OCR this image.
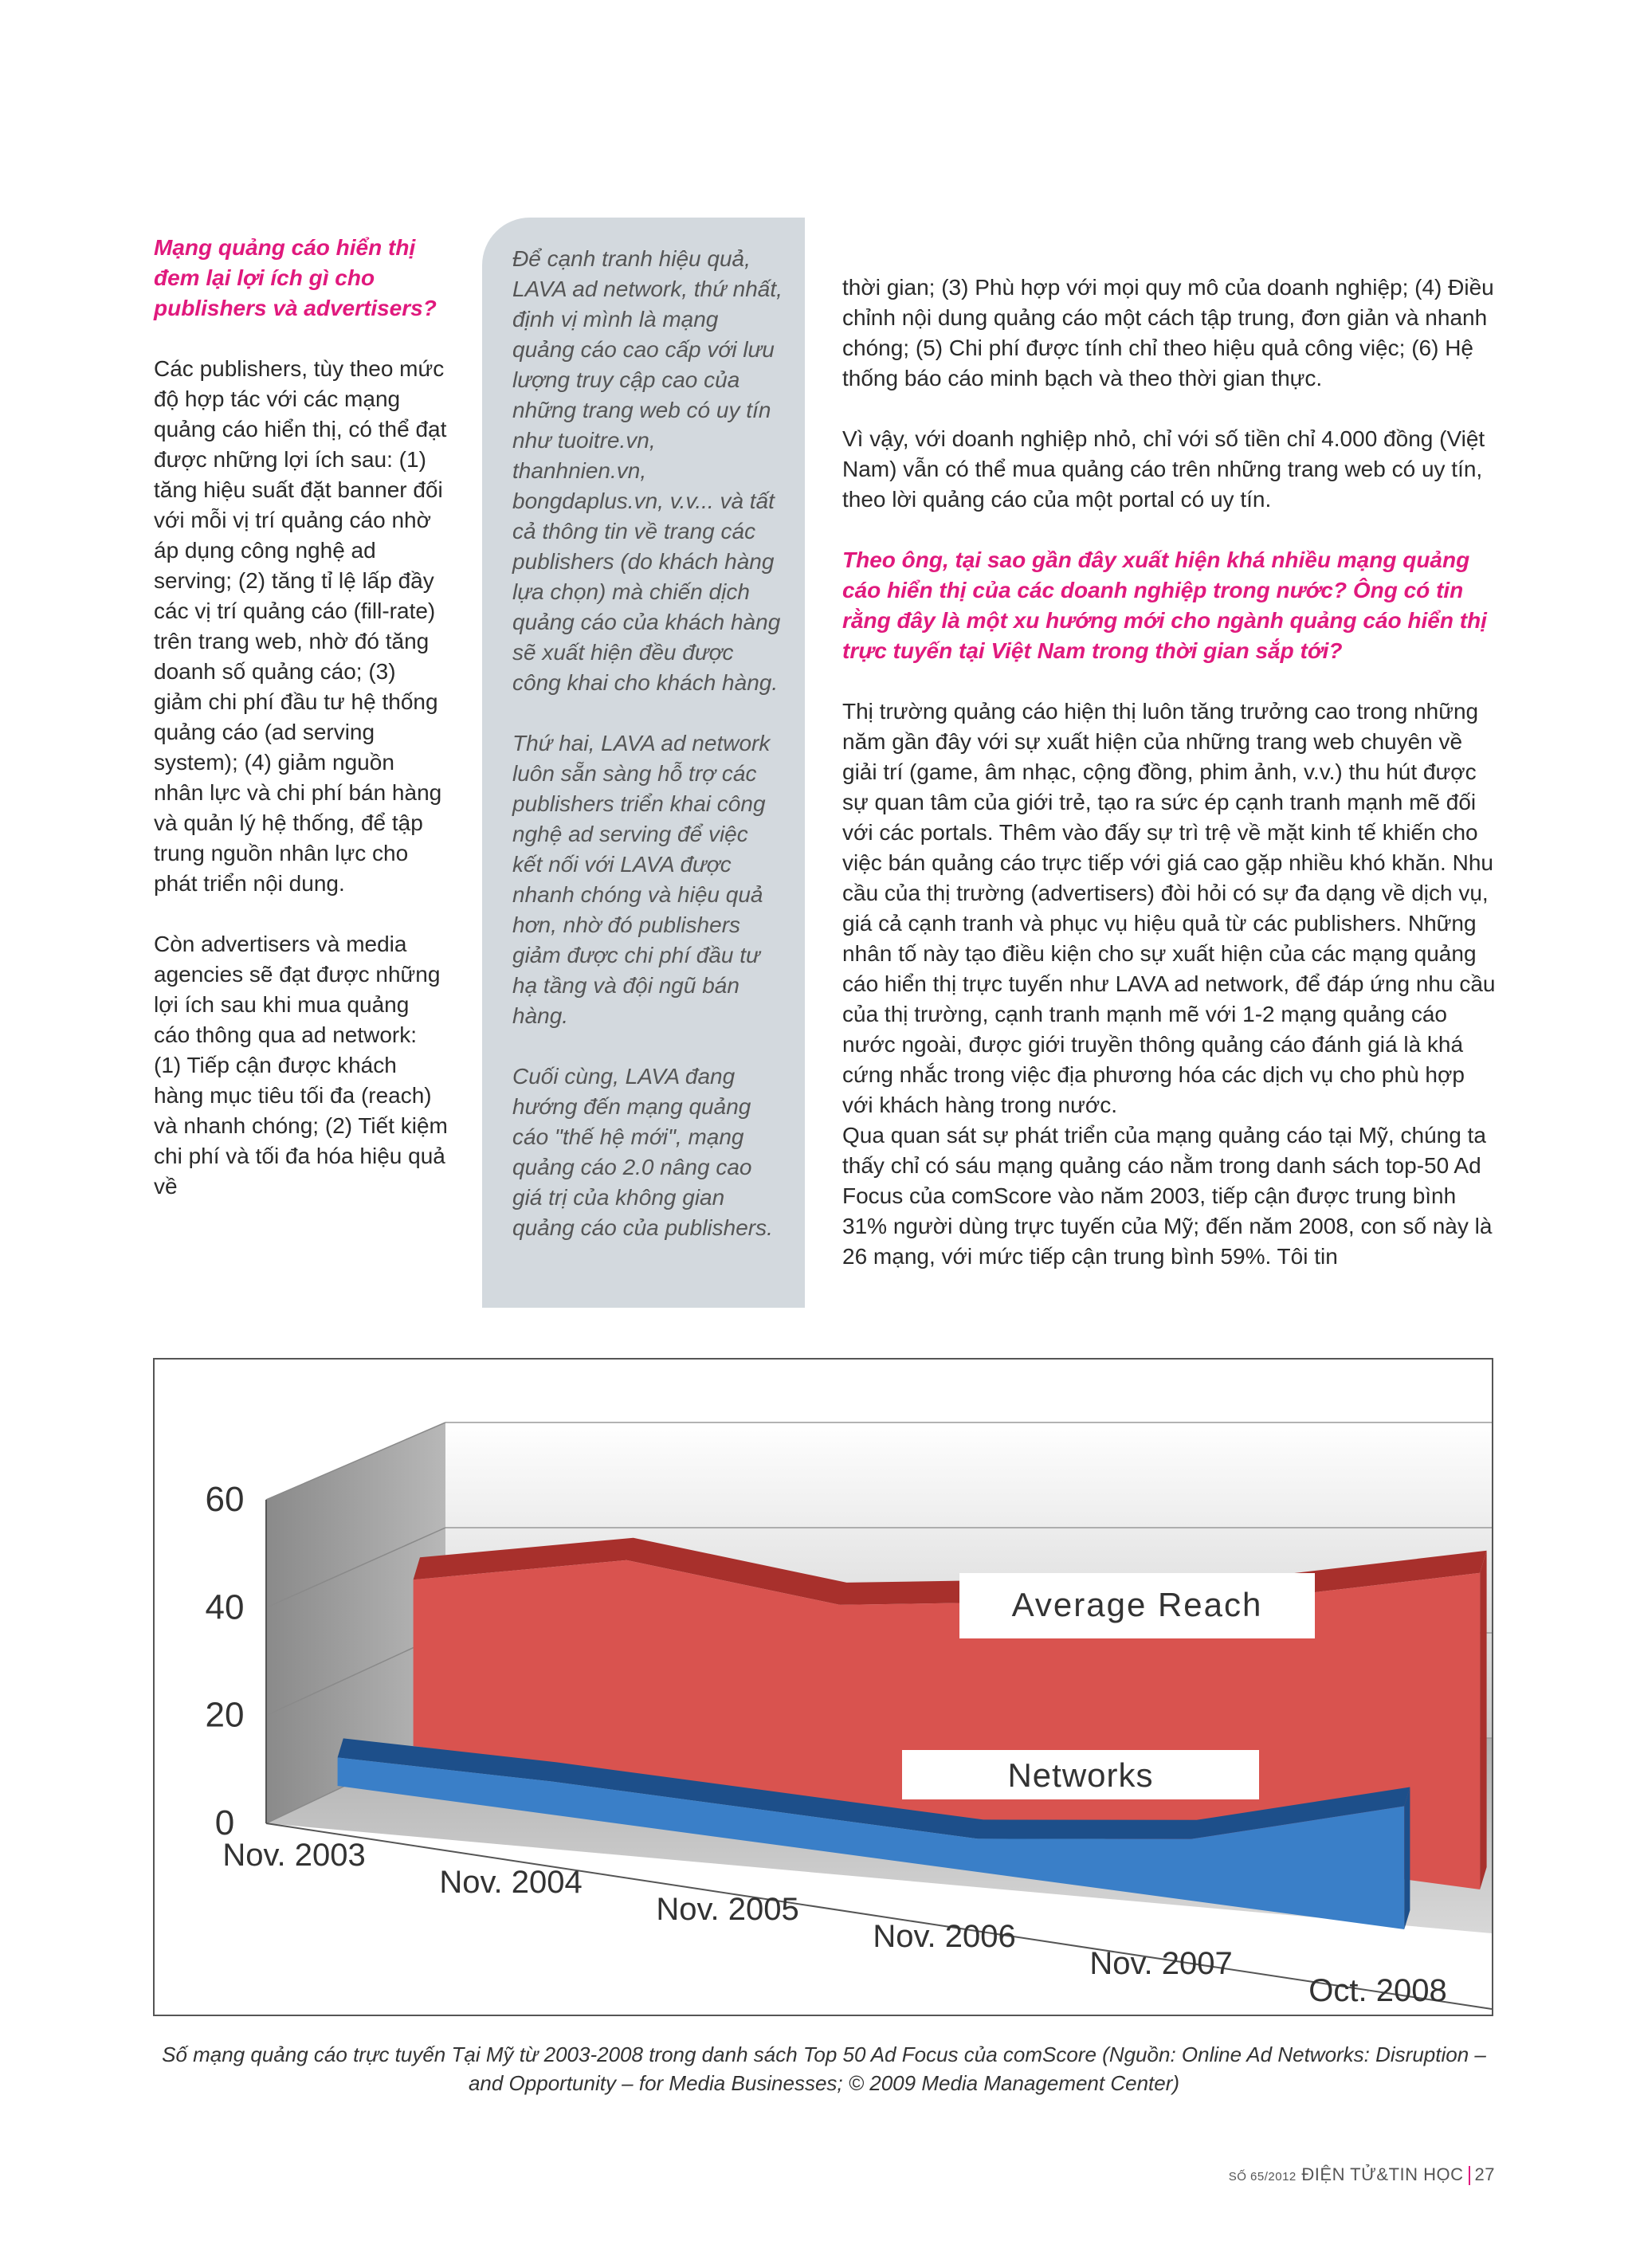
Mạng quảng cáo hiển thị đem lại lợi ích gì cho publishers và advertisers?

Các publishers, tùy theo mức độ hợp tác với các mạng quảng cáo hiển thị, có thể đạt được những lợi ích sau: (1) tăng hiệu suất đặt banner đối với mỗi vị trí quảng cáo nhờ áp dụng công nghệ ad serving; (2) tăng tỉ lệ lấp đầy các vị trí quảng cáo (fill-rate) trên trang web, nhờ đó tăng doanh số quảng cáo; (3) giảm chi phí đầu tư hệ thống quảng cáo (ad serving system); (4) giảm nguồn nhân lực và chi phí bán hàng và quản lý hệ thống, để tập trung nguồn nhân lực cho phát triển nội dung.

Còn advertisers và media agencies sẽ đạt được những lợi ích sau khi mua quảng cáo thông qua ad network: (1) Tiếp cận được khách hàng mục tiêu tối đa (reach) và nhanh chóng; (2) Tiết kiệm chi phí và tối đa hóa hiệu quả về

Để cạnh tranh hiệu quả, LAVA ad network, thứ nhất, định vị mình là mạng quảng cáo cao cấp với lưu lượng truy cập cao của những trang web có uy tín như tuoitre.vn, thanhnien.vn, bongdaplus.vn, v.v... và tất cả thông tin về trang các publishers (do khách hàng lựa chọn) mà chiến dịch quảng cáo của khách hàng sẽ xuất hiện đều được công khai cho khách hàng.

Thứ hai, LAVA ad network luôn sẵn sàng hỗ trợ các publishers triển khai công nghệ ad serving để việc kết nối với LAVA được nhanh chóng và hiệu quả hơn, nhờ đó publishers giảm được chi phí đầu tư hạ tầng và đội ngũ bán hàng.

Cuối cùng, LAVA đang hướng đến mạng quảng cáo "thế hệ mới", mạng quảng cáo 2.0 nâng cao giá trị của không gian quảng cáo của publishers.

thời gian; (3) Phù hợp với mọi quy mô của doanh nghiệp; (4) Điều chỉnh nội dung quảng cáo một cách tập trung, đơn giản và nhanh chóng; (5) Chi phí được tính chỉ theo hiệu quả công việc; (6) Hệ thống báo cáo minh bạch và theo thời gian thực.

Vì vậy, với doanh nghiệp nhỏ, chỉ với số tiền chỉ 4.000 đồng (Việt Nam) vẫn có thể mua quảng cáo trên những trang web có uy tín, theo lời quảng cáo của một portal có uy tín.

Theo ông, tại sao gần đây xuất hiện khá nhiều mạng quảng cáo hiển thị của các doanh nghiệp trong nước? Ông có tin rằng đây là một xu hướng mới cho ngành quảng cáo hiển thị trực tuyến tại Việt Nam trong thời gian sắp tới?

Thị trường quảng cáo hiện thị luôn tăng trưởng cao trong những năm gần đây với sự xuất hiện của những trang web chuyên về giải trí (game, âm nhạc, cộng đồng, phim ảnh, v.v.) thu hút được sự quan tâm của giới trẻ, tạo ra sức ép cạnh tranh mạnh mẽ đối với các portals. Thêm vào đấy sự trì trệ về mặt kinh tế khiến cho việc bán quảng cáo trực tiếp với giá cao gặp nhiều khó khăn. Nhu cầu của thị trường (advertisers) đòi hỏi có sự đa dạng về dịch vụ, giá cả cạnh tranh và phục vụ hiệu quả từ các publishers. Những nhân tố này tạo điều kiện cho sự xuất hiện của các mạng quảng cáo hiển thị trực tuyến như LAVA ad network, để đáp ứng nhu cầu của thị trường, cạnh tranh mạnh mẽ với 1-2 mạng quảng cáo nước ngoài, được giới truyền thông quảng cáo đánh giá là khá cứng nhắc trong việc địa phương hóa các dịch vụ cho phù hợp với khách hàng trong nước.

Qua quan sát sự phát triển của mạng quảng cáo tại Mỹ, chúng ta thấy chỉ có sáu mạng quảng cáo nằm trong danh sách top-50 Ad Focus của comScore vào năm 2003, tiếp cận được trung bình 31% người dùng trực tuyến của Mỹ; đến năm 2008, con số này là 26 mạng, với mức tiếp cận trung bình 59%. Tôi tin

0
20
40
60
Nov. 2003
Nov. 2004
Nov. 2005
Nov. 2006
Nov. 2007
Oct. 2008
Average Reach
Networks
Số mạng quảng cáo trực tuyến Tại Mỹ từ 2003-2008 trong danh sách Top 50 Ad Focus của comScore (Nguồn: Online Ad Networks: Disruption – and Opportunity – for Media Businesses; © 2009 Media Management Center)
SỐ 65/2012 ĐIỆN TỬ&TIN HỌC 27
